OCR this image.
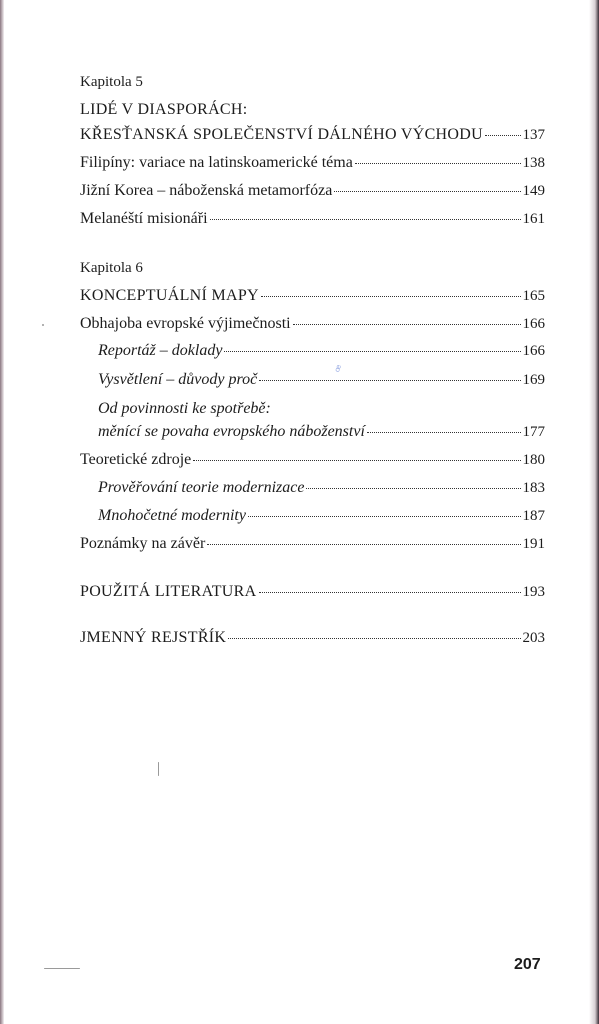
Kapitola 5
LIDÉ V DIASPORÁCH:
KŘESŤANSKÁ SPOLEČENSTVÍ DÁLNÉHO VÝCHODU	137
Filipíny: variace na latinskoamerické téma	138
Jižní Korea – náboženská metamorfóza	149
Melanéští misionáři	161
Kapitola 6
KONCEPTUÁLNÍ MAPY	165
Obhajoba evropské výjimečnosti	166
Reportáž – doklady	166
Vysvětlení – důvody proč	169
Od povinnosti ke spotřebě:
měnící se povaha evropského náboženství	177
Teoretické zdroje	180
Prověřování teorie modernizace	183
Mnohočetné modernity	187
Poznámky na závěr	191
POUŽITÁ LITERATURA	193
JMENNÝ REJSTŘÍK	203
ꟹ
207
